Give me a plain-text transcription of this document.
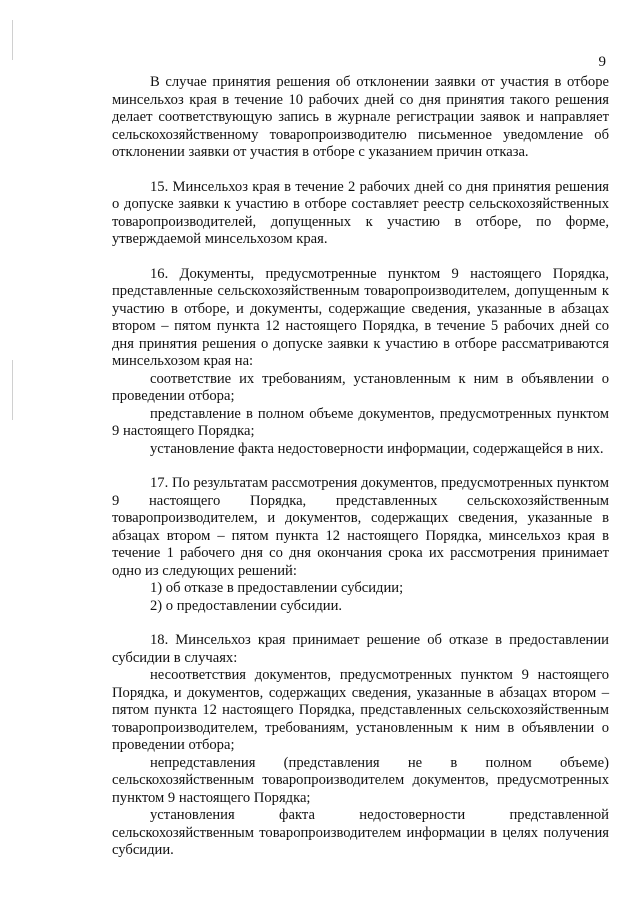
9

В случае принятия решения об отклонении заявки от участия в отборе минсельхоз края в течение 10 рабочих дней со дня принятия такого решения делает соответствующую запись в журнале регистрации заявок и направляет сельскохозяйственному товаропроизводителю письменное уведомление об отклонении заявки от участия в отборе с указанием причин отказа.

15. Минсельхоз края в течение 2 рабочих дней со дня принятия решения о допуске заявки к участию в отборе составляет реестр сельскохозяйственных товаропроизводителей, допущенных к участию в отборе, по форме, утверждаемой минсельхозом края.

16. Документы, предусмотренные пунктом 9 настоящего Порядка, представленные сельскохозяйственным товаропроизводителем, допущенным к участию в отборе, и документы, содержащие сведения, указанные в абзацах втором – пятом пункта 12 настоящего Порядка, в течение 5 рабочих дней со дня принятия решения о допуске заявки к участию в отборе рассматриваются минсельхозом края на:

соответствие их требованиям, установленным к ним в объявлении о проведении отбора;

представление в полном объеме документов, предусмотренных пунктом 9 настоящего Порядка;

установление факта недостоверности информации, содержащейся в них.

17. По результатам рассмотрения документов, предусмотренных пунктом 9 настоящего Порядка, представленных сельскохозяйственным товаропроизводителем, и документов, содержащих сведения, указанные в абзацах втором – пятом пункта 12 настоящего Порядка, минсельхоз края в течение 1 рабочего дня со дня окончания срока их рассмотрения принимает одно из следующих решений:

1) об отказе в предоставлении субсидии;

2) о предоставлении субсидии.

18. Минсельхоз края принимает решение об отказе в предоставлении субсидии в случаях:

несоответствия документов, предусмотренных пунктом 9 настоящего Порядка, и документов, содержащих сведения, указанные в абзацах втором – пятом пункта 12 настоящего Порядка, представленных сельскохозяйственным товаропроизводителем, требованиям, установленным к ним в объявлении о проведении отбора;

непредставления (представления не в полном объеме) сельскохозяйственным товаропроизводителем документов, предусмотренных пунктом 9 настоящего Порядка;

установления факта недостоверности представленной сельскохозяйственным товаропроизводителем информации в целях получения субсидии.
